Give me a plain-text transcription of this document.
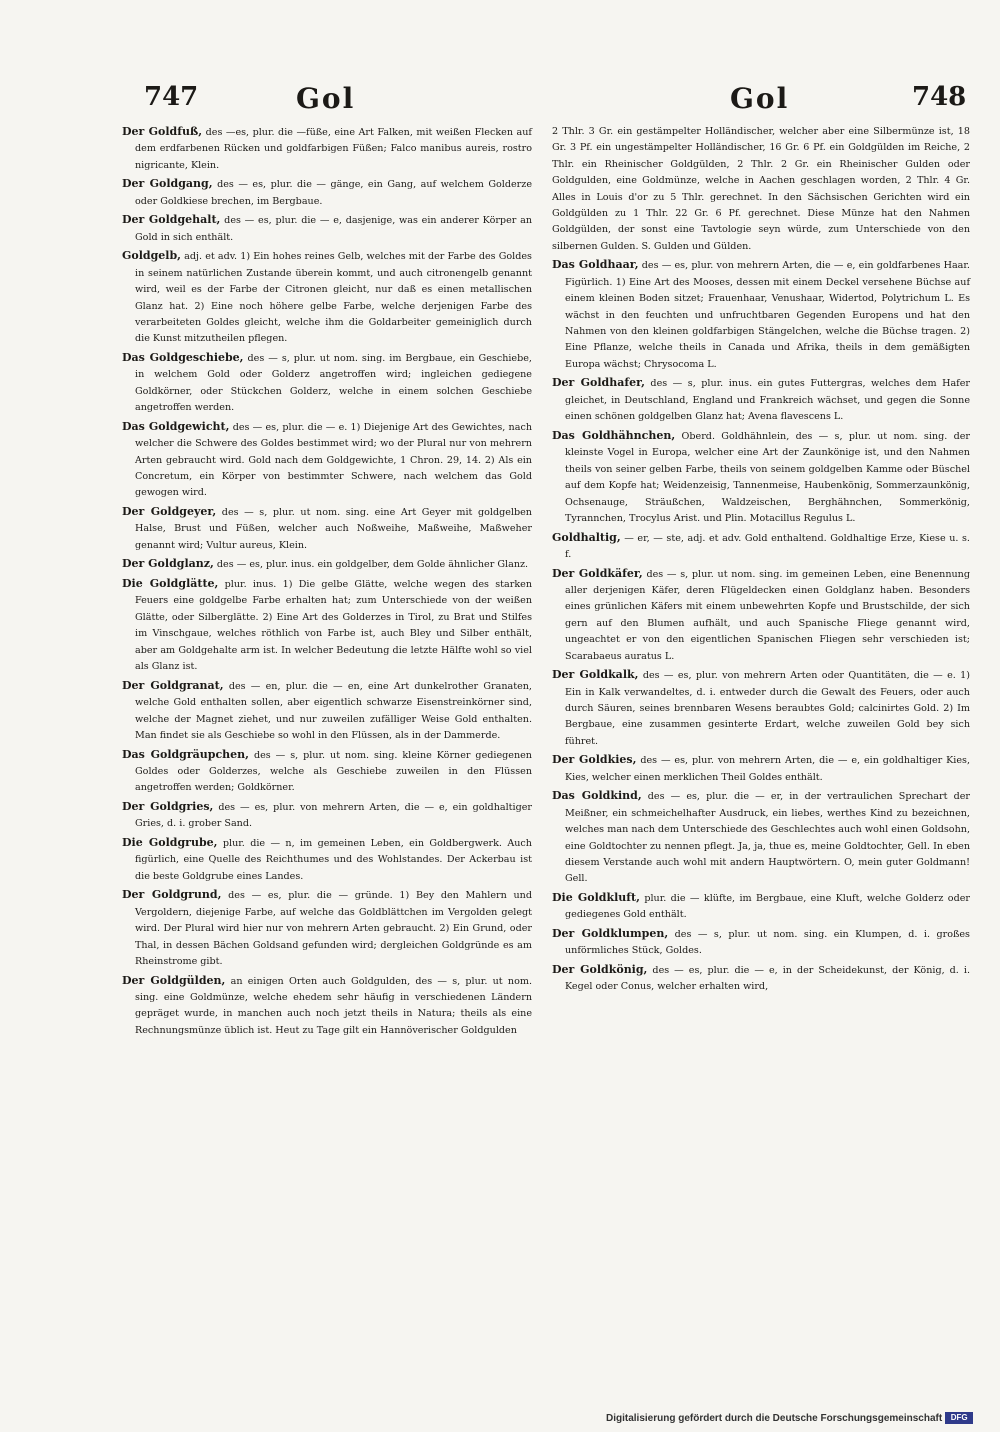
747	Gol	Gol	748

Der Goldfuß, des —es, plur. die —füße, eine Art Falken, mit weißen Flecken auf dem erdfarbenen Rücken und goldfarbigen Füßen; Falco manibus aureis, rostro nigricante, Klein.

Der Goldgang, des — es, plur. die — gänge, ein Gang, auf welchem Golderze oder Goldkiese brechen, im Bergbaue.

Der Goldgehalt, des — es, plur. die — e, dasjenige, was ein anderer Körper an Gold in sich enthält.

Goldgelb, adj. et adv. 1) Ein hohes reines Gelb, welches mit der Farbe des Goldes in seinem natürlichen Zustande überein kommt, und auch citronengelb genannt wird, weil es der Farbe der Citronen gleicht, nur daß es einen metallischen Glanz hat. 2) Eine noch höhere gelbe Farbe, welche derjenigen Farbe des verarbeiteten Goldes gleicht, welche ihm die Goldarbeiter gemeiniglich durch die Kunst mitzutheilen pflegen.

Das Goldgeschiebe, des — s, plur. ut nom. sing. im Bergbaue, ein Geschiebe, in welchem Gold oder Golderz angetroffen wird; ingleichen gediegene Goldkörner, oder Stückchen Golderz, welche in einem solchen Geschiebe angetroffen werden.

Das Goldgewicht, des — es, plur. die — e. 1) Diejenige Art des Gewichtes, nach welcher die Schwere des Goldes bestimmet wird; wo der Plural nur von mehrern Arten gebraucht wird. Gold nach dem Goldgewichte, 1 Chron. 29, 14. 2) Als ein Concretum, ein Körper von bestimmter Schwere, nach welchem das Gold gewogen wird.

Der Goldgeyer, des — s, plur. ut nom. sing. eine Art Geyer mit goldgelben Halse, Brust und Füßen, welcher auch Noßweihe, Maßweihe, Maßweher genannt wird; Vultur aureus, Klein.

Der Goldglanz, des — es, plur. inus. ein goldgelber, dem Golde ähnlicher Glanz.

Die Goldglätte, plur. inus. 1) Die gelbe Glätte, welche wegen des starken Feuers eine goldgelbe Farbe erhalten hat; zum Unterschiede von der weißen Glätte, oder Silberglätte. 2) Eine Art des Golderzes in Tirol, zu Brat und Stilfes im Vinschgaue, welches röthlich von Farbe ist, auch Bley und Silber enthält, aber am Goldgehalte arm ist. In welcher Bedeutung die letzte Hälfte wohl so viel als Glanz ist.

Der Goldgranat, des — en, plur. die — en, eine Art dunkelrother Granaten, welche Gold enthalten sollen, aber eigentlich schwarze Eisenstreinkörner sind, welche der Magnet ziehet, und nur zuweilen zufälliger Weise Gold enthalten. Man findet sie als Geschiebe so wohl in den Flüssen, als in der Dammerde.

Das Goldgräupchen, des — s, plur. ut nom. sing. kleine Körner gediegenen Goldes oder Golderzes, welche als Geschiebe zuweilen in den Flüssen angetroffen werden; Goldkörner.

Der Goldgries, des — es, plur. von mehrern Arten, die — e, ein goldhaltiger Gries, d. i. grober Sand.

Die Goldgrube, plur. die — n, im gemeinen Leben, ein Goldbergwerk. Auch figürlich, eine Quelle des Reichthumes und des Wohlstandes. Der Ackerbau ist die beste Goldgrube eines Landes.

Der Goldgrund, des — es, plur. die — gründe. 1) Bey den Mahlern und Vergoldern, diejenige Farbe, auf welche das Goldblättchen im Vergolden gelegt wird. Der Plural wird hier nur von mehrern Arten gebraucht. 2) Ein Grund, oder Thal, in dessen Bächen Goldsand gefunden wird; dergleichen Goldgründe es am Rheinstrome gibt.

Der Goldgülden, an einigen Orten auch Goldgulden, des — s, plur. ut nom. sing. eine Goldmünze, welche ehedem sehr häufig in verschiedenen Ländern gepräget wurde, in manchen auch noch jetzt theils in Natura; theils als eine Rechnungsmünze üblich ist. Heut zu Tage gilt ein Hannöverischer Goldgulden

2 Thlr. 3 Gr. ein gestämpelter Holländischer, welcher aber eine Silbermünze ist, 18 Gr. 3 Pf. ein ungestämpelter Holländischer, 16 Gr. 6 Pf. ein Goldgülden im Reiche, 2 Thlr. ein Rheinischer Goldgülden, 2 Thlr. 2 Gr. ein Rheinischer Gulden oder Goldgulden, eine Goldmünze, welche in Aachen geschlagen worden, 2 Thlr. 4 Gr. Alles in Louis d'or zu 5 Thlr. gerechnet. In den Sächsischen Gerichten wird ein Goldgülden zu 1 Thlr. 22 Gr. 6 Pf. gerechnet. Diese Münze hat den Nahmen Goldgülden, der sonst eine Tavtologie seyn würde, zum Unterschiede von den silbernen Gulden. S. Gulden und Gülden.

Das Goldhaar, des — es, plur. von mehrern Arten, die — e, ein goldfarbenes Haar. Figürlich. 1) Eine Art des Mooses, dessen mit einem Deckel versehene Büchse auf einem kleinen Boden sitzet; Frauenhaar, Venushaar, Widertod, Polytrichum L. Es wächst in den feuchten und unfruchtbaren Gegenden Europens und hat den Nahmen von den kleinen goldfarbigen Stängelchen, welche die Büchse tragen. 2) Eine Pflanze, welche theils in Canada und Afrika, theils in dem gemäßigten Europa wächst; Chrysocoma L.

Der Goldhafer, des — s, plur. inus. ein gutes Futtergras, welches dem Hafer gleichet, in Deutschland, England und Frankreich wächset, und gegen die Sonne einen schönen goldgelben Glanz hat; Avena flavescens L.

Das Goldhähnchen, Oberd. Goldhähnlein, des — s, plur. ut nom. sing. der kleinste Vogel in Europa, welcher eine Art der Zaunkönige ist, und den Nahmen theils von seiner gelben Farbe, theils von seinem goldgelben Kamme oder Büschel auf dem Kopfe hat; Weidenzeisig, Tannenmeise, Haubenkönig, Sommerzaunkönig, Ochsenauge, Sträußchen, Waldzeischen, Berghähnchen, Sommerkönig, Tyrannchen, Trocylus Arist. und Plin. Motacillus Regulus L.

Goldhaltig, — er, — ste, adj. et adv. Gold enthaltend. Goldhaltige Erze, Kiese u. s. f.

Der Goldkäfer, des — s, plur. ut nom. sing. im gemeinen Leben, eine Benennung aller derjenigen Käfer, deren Flügeldecken einen Goldglanz haben. Besonders eines grünlichen Käfers mit einem unbewehrten Kopfe und Brustschilde, der sich gern auf den Blumen aufhält, und auch Spanische Fliege genannt wird, ungeachtet er von den eigentlichen Spanischen Fliegen sehr verschieden ist; Scarabaeus auratus L.

Der Goldkalk, des — es, plur. von mehrern Arten oder Quantitäten, die — e. 1) Ein in Kalk verwandeltes, d. i. entweder durch die Gewalt des Feuers, oder auch durch Säuren, seines brennbaren Wesens beraubtes Gold; calcinirtes Gold. 2) Im Bergbaue, eine zusammen gesinterte Erdart, welche zuweilen Gold bey sich führet.

Der Goldkies, des — es, plur. von mehrern Arten, die — e, ein goldhaltiger Kies, Kies, welcher einen merklichen Theil Goldes enthält.

Das Goldkind, des — es, plur. die — er, in der vertraulichen Sprechart der Meißner, ein schmeichelhafter Ausdruck, ein liebes, werthes Kind zu bezeichnen, welches man nach dem Unterschiede des Geschlechtes auch wohl einen Goldsohn, eine Goldtochter zu nennen pflegt. Ja, ja, thue es, meine Goldtochter, Gell. In eben diesem Verstande auch wohl mit andern Hauptwörtern. O, mein guter Goldmann! Gell.

Die Goldkluft, plur. die — klüfte, im Bergbaue, eine Kluft, welche Golderz oder gediegenes Gold enthält.

Der Goldklumpen, des — s, plur. ut nom. sing. ein Klumpen, d. i. großes unförmliches Stück, Goldes.

Der Goldkönig, des — es, plur. die — e, in der Scheidekunst, der König, d. i. Kegel oder Conus, welcher erhalten wird,

Digitalisierung gefördert durch die Deutsche Forschungsgemeinschaft	DFG
